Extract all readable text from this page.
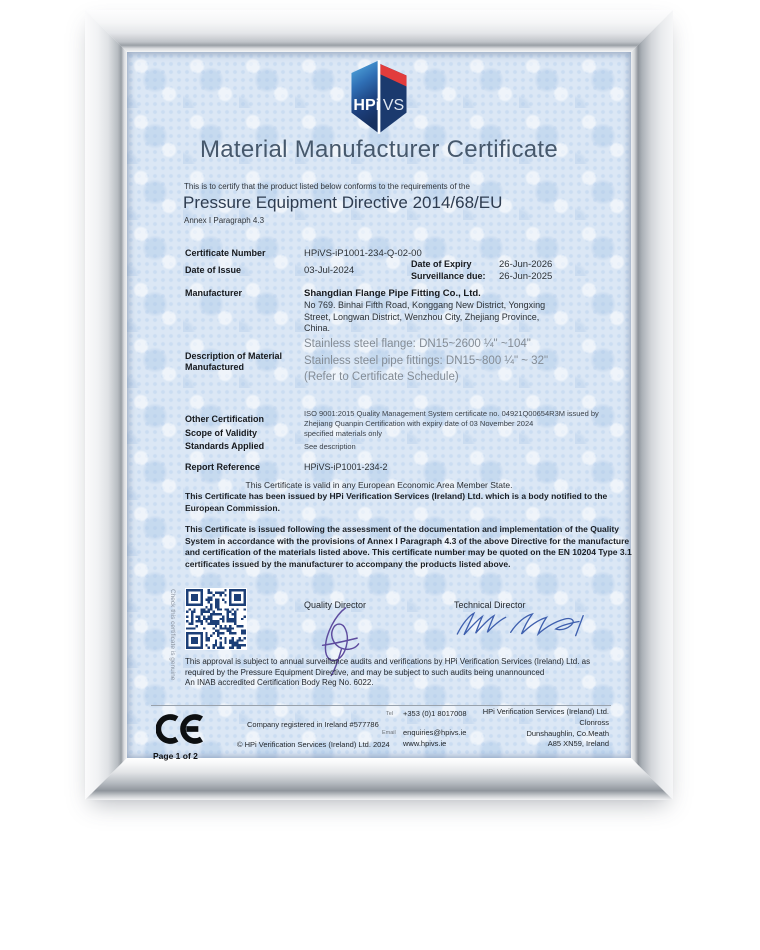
HPi VS
Material Manufacturer Certificate
This is to certify that the product listed below conforms to the requirements of the
Pressure Equipment Directive 2014/68/EU
Annex I Paragraph 4.3
Certificate Number	HPiVS-iP1001-234-Q-02-00
Date of Issue	03-Jul-2024
Date of Expiry	26-Jun-2026
Surveillance due: 26-Jun-2025
Manufacturer	Shangdian Flange Pipe Fitting Co., Ltd.
No 769. Binhai Fifth Road, Konggang New District, Yongxing Street, Longwan District, Wenzhou City, Zhejiang Province, China.
Description of Material Manufactured
Stainless steel flange: DN15~2600 ¼" ~104"
Stainless steel pipe fittings: DN15~800 ¼" ~ 32"
(Refer to Certificate Schedule)
Other Certification
ISO 9001:2015 Quality Management System certificate no. 04921Q00654R3M issued by Zhejiang Quanpin Certification with expiry date of 03 November 2024
Scope of Validity	specified materials only
Standards Applied	See description
Report Reference	HPiVS-iP1001-234-2
This Certificate is valid in any European Economic Area Member State.
This Certificate has been issued by HPi Verification Services (Ireland) Ltd. which is a body notified to the European Commission.
This Certificate is issued following the assessment of the documentation and implementation of the Quality System in accordance with the provisions of Annex I Paragraph 4.3 of the above Directive for the manufacture and certification of the materials listed above. This certificate number may be quoted on the EN 10204 Type 3.1 certificates issued by the manufacturer to accompany the products listed above.
Check this certificate is genuine	Quality Director	Technical Director
This approval is subject to annual surveillance audits and verifications by HPi Verification Services (Ireland) Ltd. as required by the Pressure Equipment Directive, and may be subject to such audits being unannounced
An INAB accredited Certification Body Reg No. 6022.
Page 1 of 2
Company registered in Ireland #577786
© HPi Verification Services (Ireland) Ltd. 2024
Tel +353 (0)1 8017008
Email enquiries@hpivs.ie
www.hpivs.ie
HPi Verification Services (Ireland) Ltd.
Clonross
Dunshaughlin, Co.Meath
A85 XN59, Ireland
